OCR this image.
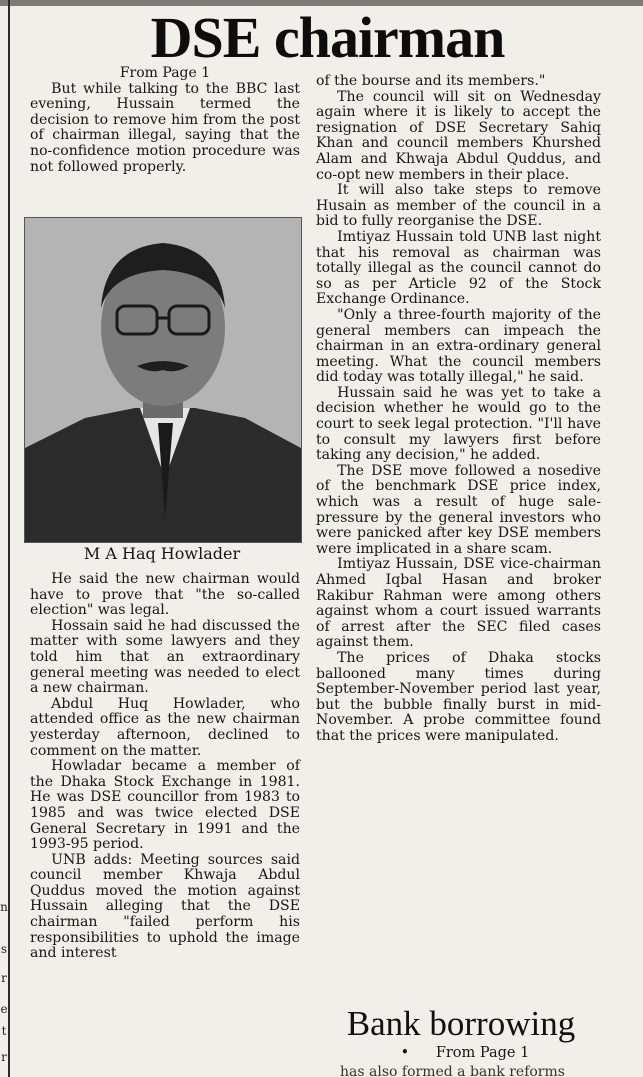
n
s
r
e
t
r
DSE chairman

From Page 1

But while talking to the BBC last evening, Hussain termed the decision to remove him from the post of chairman illegal, saying that the no-confidence motion procedure was not followed properly.

M A Haq Howlader

He said the new chairman would have to prove that "the so-called election" was legal.

Hossain said he had discussed the matter with some lawyers and they told him that an extraordinary general meeting was needed to elect a new chairman.

Abdul Huq Howlader, who attended office as the new chairman yesterday afternoon, declined to comment on the matter.

Howladar became a member of the Dhaka Stock Exchange in 1981. He was DSE councillor from 1983 to 1985 and was twice elected DSE General Secretary in 1991 and the 1993-95 period.

UNB adds: Meeting sources said council member Khwaja Abdul Quddus moved the motion against Hussain alleging that the DSE chairman "failed perform his responsibilities to uphold the image and interest

of the bourse and its members."

The council will sit on Wednesday again where it is likely to accept the resignation of DSE Secretary Sahiq Khan and council members Khurshed Alam and Khwaja Abdul Quddus, and co-opt new members in their place.

It will also take steps to remove Husain as member of the council in a bid to fully reorganise the DSE.

Imtiyaz Hussain told UNB last night that his removal as chairman was totally illegal as the council cannot do so as per Article 92 of the Stock Exchange Ordinance.

"Only a three-fourth majority of the general members can impeach the chairman in an extra-ordinary general meeting. What the council members did today was totally illegal," he said.

Hussain said he was yet to take a decision whether he would go to the court to seek legal protection. "I'll have to consult my lawyers first before taking any decision," he added.

The DSE move followed a nosedive of the benchmark DSE price index, which was a result of huge sale-pressure by the general investors who were panicked after key DSE members were implicated in a share scam.

Imtiyaz Hussain, DSE vice-chairman Ahmed Iqbal Hasan and broker Rakibur Rahman were among others against whom a court issued warrants of arrest after the SEC filed cases against them.

The prices of Dhaka stocks ballooned many times during September-November period last year, but the bubble finally burst in mid-November. A probe committee found that the prices were manipulated.

Bank borrowing
• From Page 1
has also formed a bank reforms
